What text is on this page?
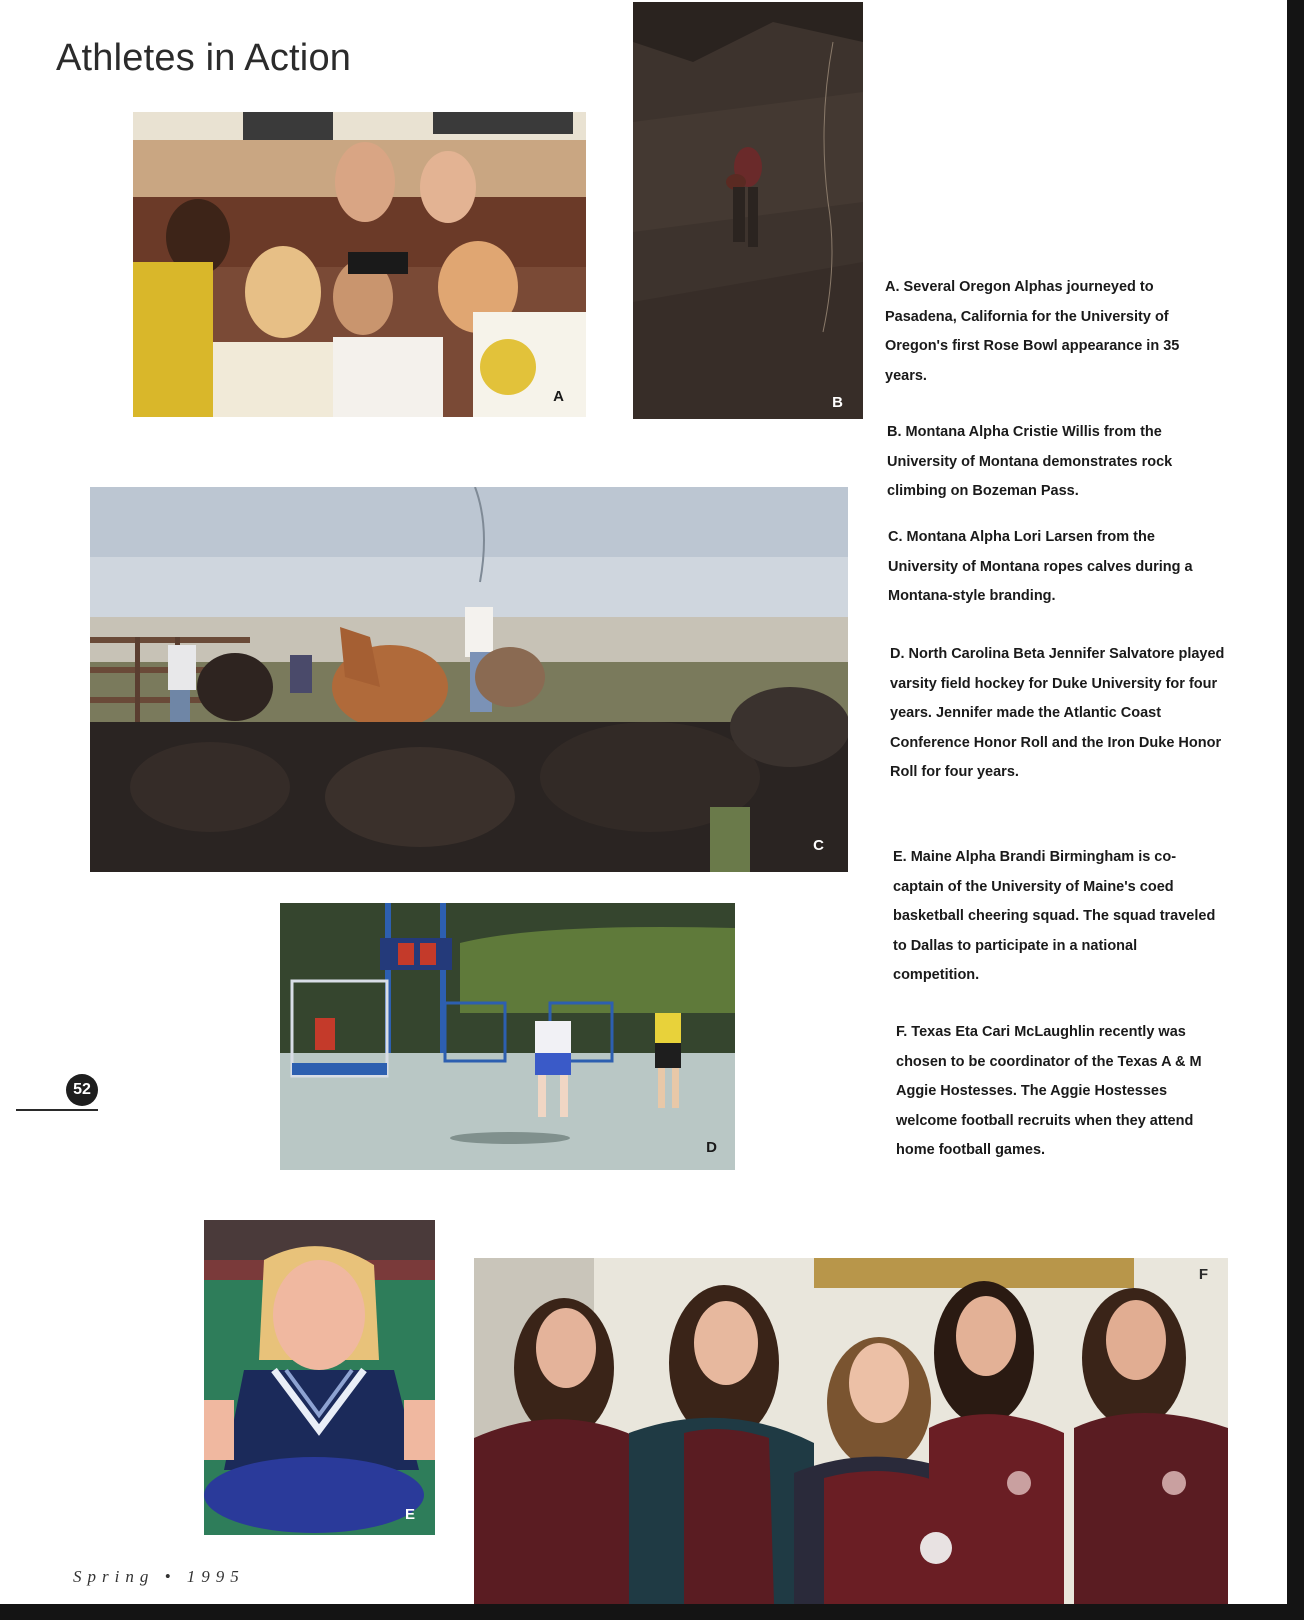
Athletes in Action
A	B
C
D
E
F

A. Several Oregon Alphas journeyed to Pasadena, California for the University of Oregon's first Rose Bowl appearance in 35 years.

B. Montana Alpha Cristie Willis from the University of Montana demonstrates rock climbing on Bozeman Pass.

C. Montana Alpha Lori Larsen from the University of Montana ropes calves during a Montana-style branding.

D. North Carolina Beta Jennifer Salvatore played varsity field hockey for Duke University for four years. Jennifer made the Atlantic Coast Conference Honor Roll and the Iron Duke Honor Roll for four years.

E. Maine Alpha Brandi Birmingham is co-captain of the University of Maine's coed basketball cheering squad. The squad traveled to Dallas to participate in a national competition.

F. Texas Eta Cari McLaughlin recently was chosen to be coordinator of the Texas A & M Aggie Hostesses. The Aggie Hostesses welcome football recruits when they attend home football games.

52
Spring • 1995
